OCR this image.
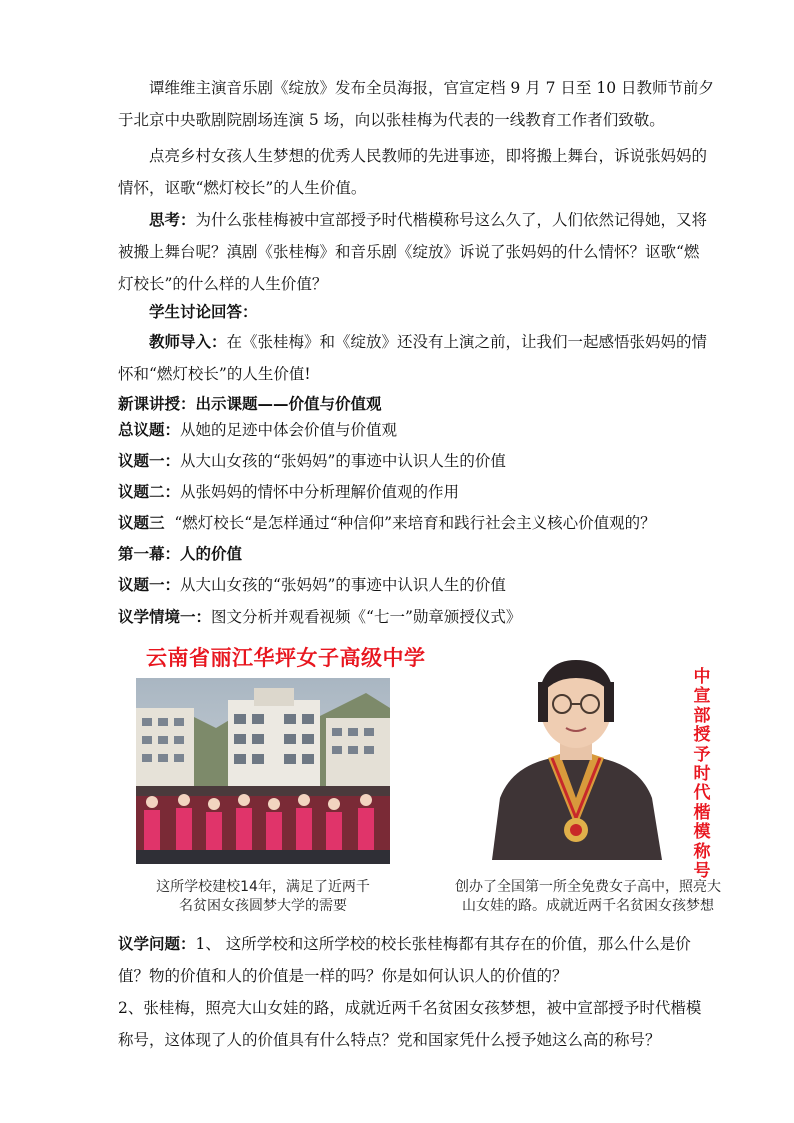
谭维维主演音乐剧《绽放》发布全员海报，官宣定档 9 月 7 日至 10 日教师节前夕于北京中央歌剧院剧场连演 5 场，向以张桂梅为代表的一线教育工作者们致敬。
点亮乡村女孩人生梦想的优秀人民教师的先进事迹，即将搬上舞台，诉说张妈妈的情怀，讴歌“燃灯校长”的人生价值。
思考：为什么张桂梅被中宣部授予时代楷模称号这么久了，人们依然记得她，又将被搬上舞台呢？滇剧《张桂梅》和音乐剧《绽放》诉说了张妈妈的什么情怀？讴歌“燃灯校长”的什么样的人生价值？
学生讨论回答：
教师导入：在《张桂梅》和《绽放》还没有上演之前，让我们一起感悟张妈妈的情怀和“燃灯校长”的人生价值!
新课讲授：出示课题——价值与价值观
总议题：从她的足迹中体会价值与价值观
议题一：从大山女孩的“张妈妈”的事迹中认识人生的价值
议题二：从张妈妈的情怀中分析理解价值观的作用
议题三 “燃灯校长“是怎样通过“种信仰”来培育和践行社会主义核心价值观的？
第一幕：人的价值
议题一：从大山女孩的“张妈妈”的事迹中认识人生的价值
议学情境一：图文分析并观看视频《“七一”勋章颁授仪式》
云南省丽江华坪女子高级中学
这所学校建校14年，满足了近两千
名贫困女孩圆梦大学的需要
中宣部授予时代楷模称号
创办了全国第一所全免费女子高中，照亮大
山女娃的路。成就近两千名贫困女孩梦想
议学问题：1、 这所学校和这所学校的校长张桂梅都有其存在的价值，那么什么是价值？物的价值和人的价值是一样的吗？你是如何认识人的价值的？
2、张桂梅，照亮大山女娃的路，成就近两千名贫困女孩梦想，被中宣部授予时代楷模称号，这体现了人的价值具有什么特点？党和国家凭什么授予她这么高的称号？
